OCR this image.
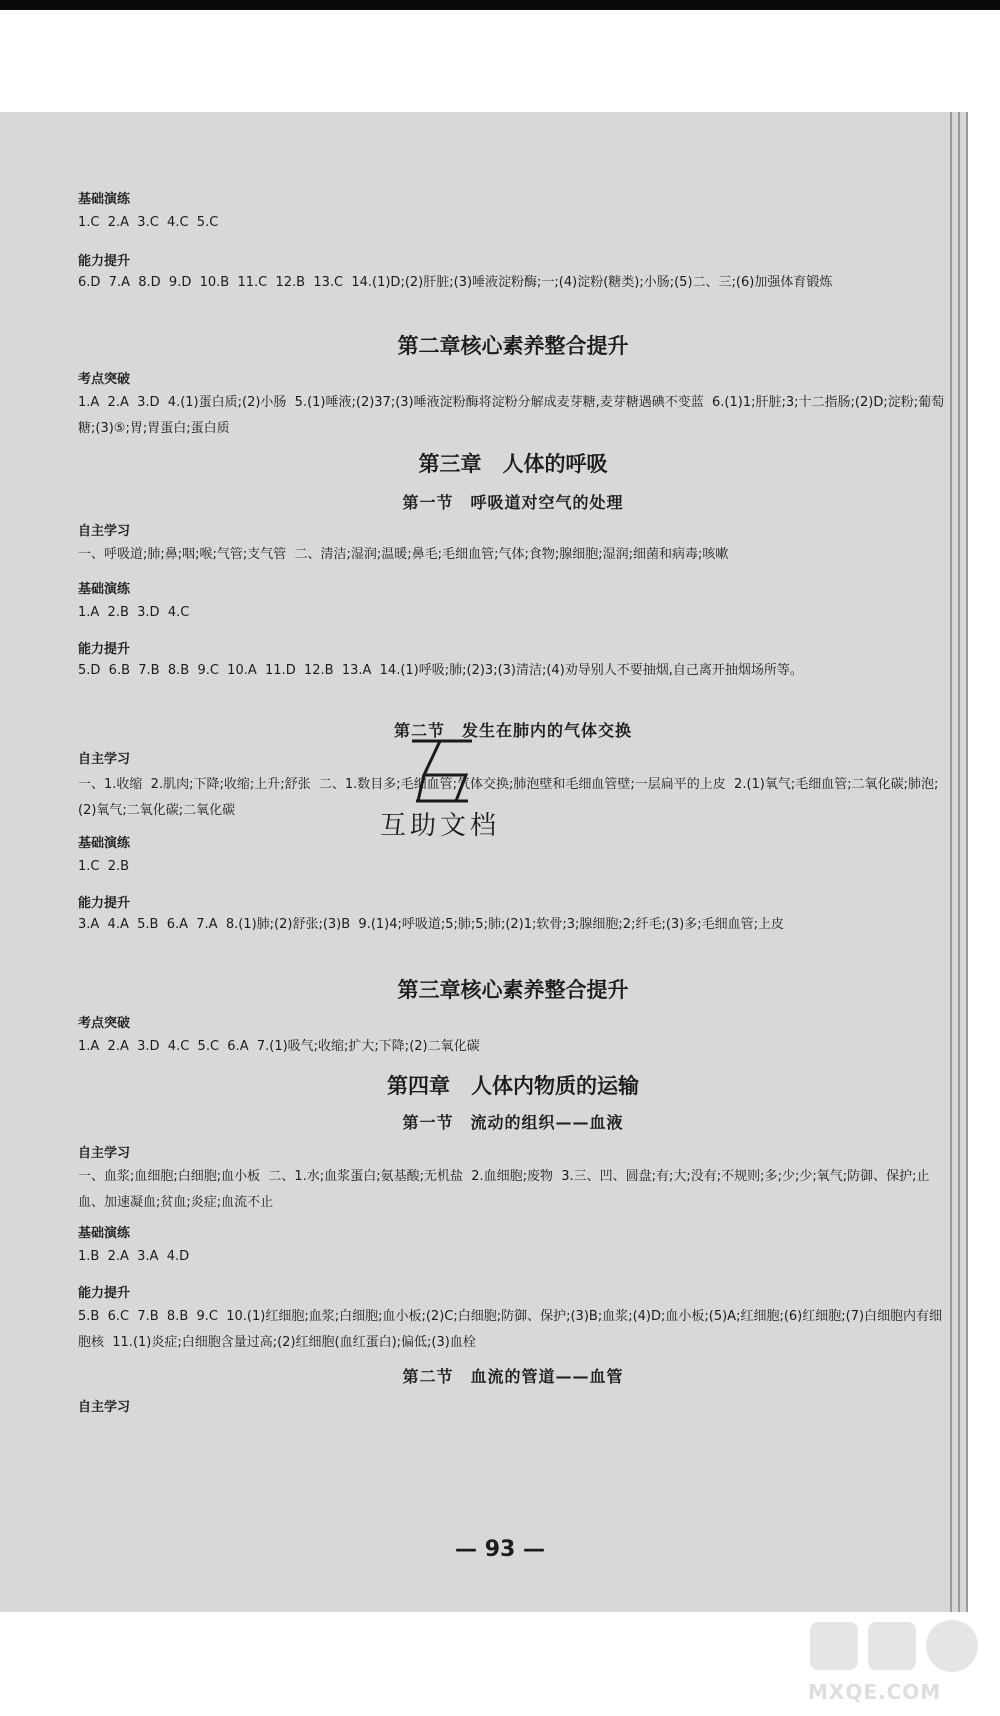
基础演练
1.C  2.A  3.C  4.C  5.C
能力提升
6.D  7.A  8.D  9.D  10.B  11.C  12.B  13.C  14.(1)D;(2)肝脏;(3)唾液淀粉酶;一;(4)淀粉(糖类);小肠;(5)二、三;(6)加强体育锻炼
第二章核心素养整合提升
考点突破
1.A  2.A  3.D  4.(1)蛋白质;(2)小肠  5.(1)唾液;(2)37;(3)唾液淀粉酶将淀粉分解成麦芽糖,麦芽糖遇碘不变蓝  6.(1)1;肝脏;3;十二指肠;(2)D;淀粉;葡萄糖;(3)⑤;胃;胃蛋白;蛋白质
第三章　人体的呼吸
第一节　呼吸道对空气的处理
自主学习
一、呼吸道;肺;鼻;咽;喉;气管;支气管  二、清洁;湿润;温暖;鼻毛;毛细血管;气体;食物;腺细胞;湿润;细菌和病毒;咳嗽
基础演练
1.A  2.B  3.D  4.C
能力提升
5.D  6.B  7.B  8.B  9.C  10.A  11.D  12.B  13.A  14.(1)呼吸;肺;(2)3;(3)清洁;(4)劝导别人不要抽烟,自己离开抽烟场所等。
第二节　发生在肺内的气体交换
自主学习
一、1.收缩  2.肌肉;下降;收缩;上升;舒张  二、1.数目多;毛细血管;气体交换;肺泡壁和毛细血管壁;一层扁平的上皮  2.(1)氧气;毛细血管;二氧化碳;肺泡;(2)氧气;二氧化碳;二氧化碳
基础演练
1.C  2.B
能力提升
3.A  4.A  5.B  6.A  7.A  8.(1)肺;(2)舒张;(3)B  9.(1)4;呼吸道;5;肺;5;肺;(2)1;软骨;3;腺细胞;2;纤毛;(3)多;毛细血管;上皮
第三章核心素养整合提升
考点突破
1.A  2.A  3.D  4.C  5.C  6.A  7.(1)吸气;收缩;扩大;下降;(2)二氧化碳
第四章　人体内物质的运输
第一节　流动的组织——血液
自主学习
一、血浆;血细胞;白细胞;血小板  二、1.水;血浆蛋白;氨基酸;无机盐  2.血细胞;废物  3.三、凹、圆盘;有;大;没有;不规则;多;少;少;氧气;防御、保护;止血、加速凝血;贫血;炎症;血流不止
基础演练
1.B  2.A  3.A  4.D
能力提升
5.B  6.C  7.B  8.B  9.C  10.(1)红细胞;血浆;白细胞;血小板;(2)C;白细胞;防御、保护;(3)B;血浆;(4)D;血小板;(5)A;红细胞;(6)红细胞;(7)白细胞内有细胞核  11.(1)炎症;白细胞含量过高;(2)红细胞(血红蛋白);偏低;(3)血栓
第二节　血流的管道——血管
自主学习
— 93 —
互助文档
MXQE.COM
